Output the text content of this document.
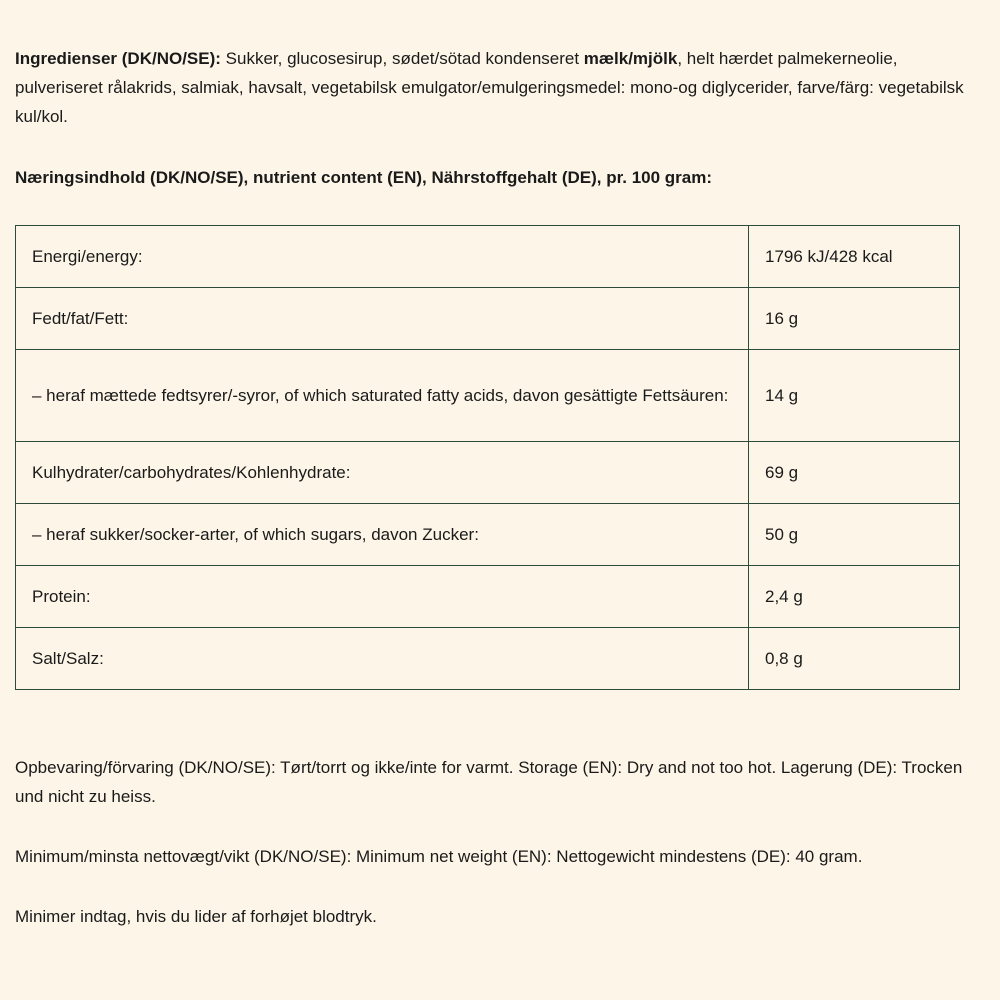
Ingredienser (DK/NO/SE): Sukker, glucosesirup, sødet/sötad kondenseret mælk/mjölk, helt hærdet palmekerneolie, pulveriseret rålakrids, salmiak, havsalt, vegetabilsk emulgator/emulgeringsmedel: mono-og diglycerider, farve/färg: vegetabilsk kul/kol.

Næringsindhold (DK/NO/SE), nutrient content (EN), Nährstoffgehalt (DE), pr. 100 gram:

Energi/energy:	1796 kJ/428 kcal
Fedt/fat/Fett:	16 g
– heraf mættede fedtsyrer/-syror, of which saturated fatty acids, davon gesättigte Fettsäuren:	14 g
Kulhydrater/carbohydrates/Kohlenhydrate:	69 g
– heraf sukker/socker-arter, of which sugars, davon Zucker:	50 g
Protein:	2,4 g
Salt/Salz:	0,8 g

Opbevaring/förvaring (DK/NO/SE): Tørt/torrt og ikke/inte for varmt. Storage (EN): Dry and not too hot. Lagerung (DE): Trocken und nicht zu heiss.

Minimum/minsta nettovægt/vikt (DK/NO/SE): Minimum net weight (EN): Nettogewicht mindestens (DE): 40 gram.

Minimer indtag, hvis du lider af forhøjet blodtryk.
